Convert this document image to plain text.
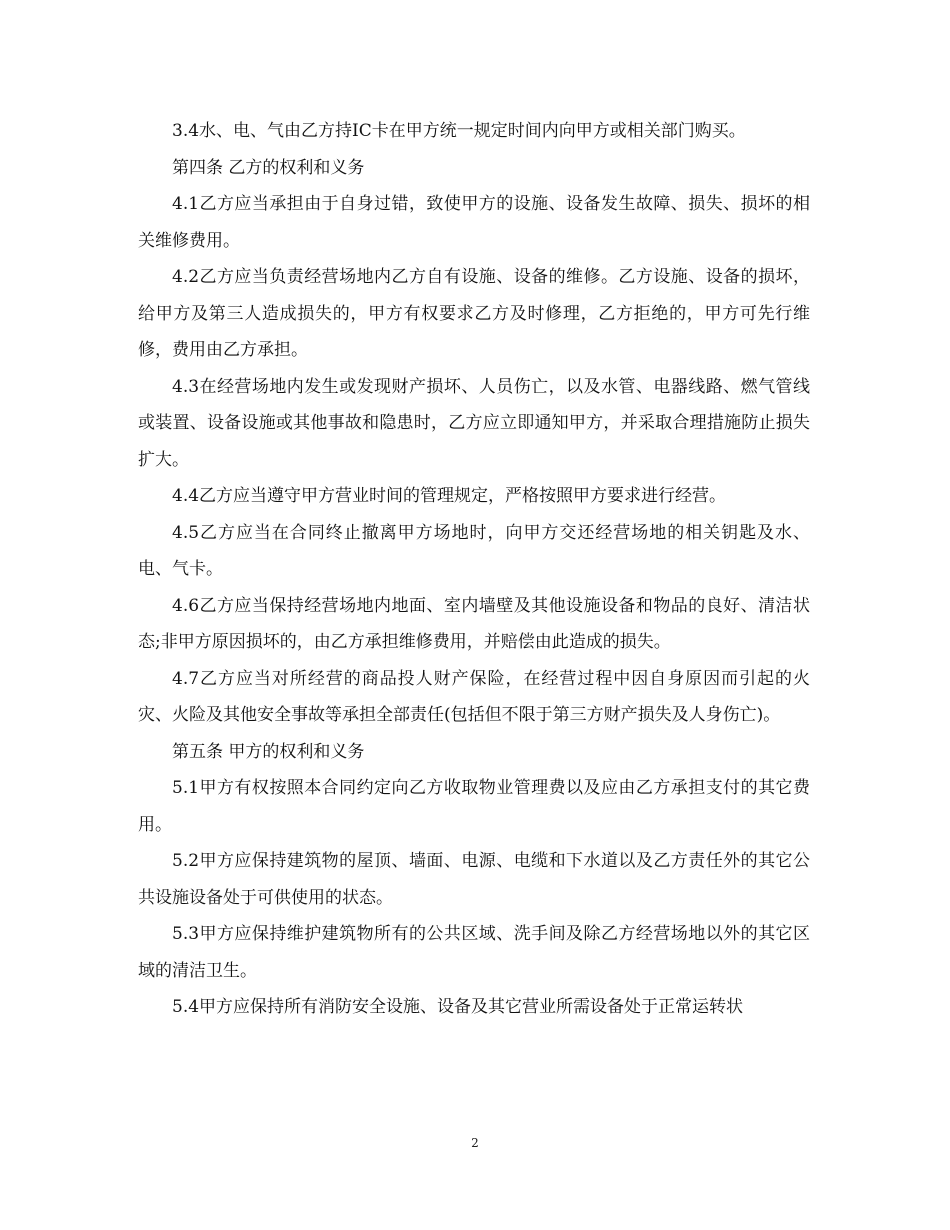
3.4水、电、气由乙方持IC卡在甲方统一规定时间内向甲方或相关部门购买。

第四条 乙方的权利和义务

4.1乙方应当承担由于自身过错，致使甲方的设施、设备发生故障、损失、损坏的相关维修费用。

4.2乙方应当负责经营场地内乙方自有设施、设备的维修。乙方设施、设备的损坏，给甲方及第三人造成损失的，甲方有权要求乙方及时修理，乙方拒绝的，甲方可先行维修，费用由乙方承担。

4.3在经营场地内发生或发现财产损坏、人员伤亡，以及水管、电器线路、燃气管线或装置、设备设施或其他事故和隐患时，乙方应立即通知甲方，并采取合理措施防止损失扩大。

4.4乙方应当遵守甲方营业时间的管理规定，严格按照甲方要求进行经营。

4.5乙方应当在合同终止撤离甲方场地时，向甲方交还经营场地的相关钥匙及水、电、气卡。

4.6乙方应当保持经营场地内地面、室内墙壁及其他设施设备和物品的良好、清洁状态;非甲方原因损坏的，由乙方承担维修费用，并赔偿由此造成的损失。

4.7乙方应当对所经营的商品投人财产保险，在经营过程中因自身原因而引起的火灾、火险及其他安全事故等承担全部责任(包括但不限于第三方财产损失及人身伤亡)。

第五条 甲方的权利和义务

5.1甲方有权按照本合同约定向乙方收取物业管理费以及应由乙方承担支付的其它费用。

5.2甲方应保持建筑物的屋顶、墙面、电源、电缆和下水道以及乙方责任外的其它公共设施设备处于可供使用的状态。

5.3甲方应保持维护建筑物所有的公共区域、洗手间及除乙方经营场地以外的其它区域的清洁卫生。

5.4甲方应保持所有消防安全设施、设备及其它营业所需设备处于正常运转状

2
